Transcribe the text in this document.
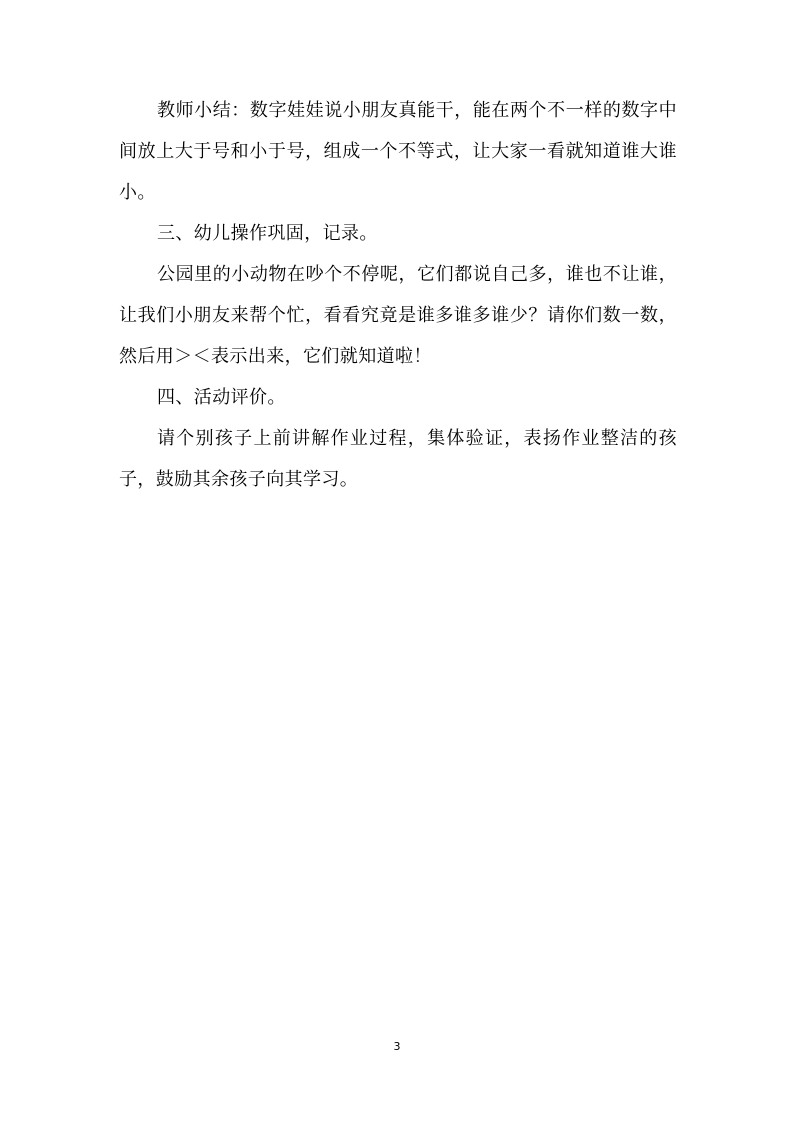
教师小结：数字娃娃说小朋友真能干，能在两个不一样的数字中间放上大于号和小于号，组成一个不等式，让大家一看就知道谁大谁小。

三、幼儿操作巩固，记录。

公园里的小动物在吵个不停呢，它们都说自己多，谁也不让谁，让我们小朋友来帮个忙，看看究竟是谁多谁多谁少？请你们数一数，然后用＞＜表示出来，它们就知道啦！

四、活动评价。

请个别孩子上前讲解作业过程，集体验证，表扬作业整洁的孩子，鼓励其余孩子向其学习。

3
